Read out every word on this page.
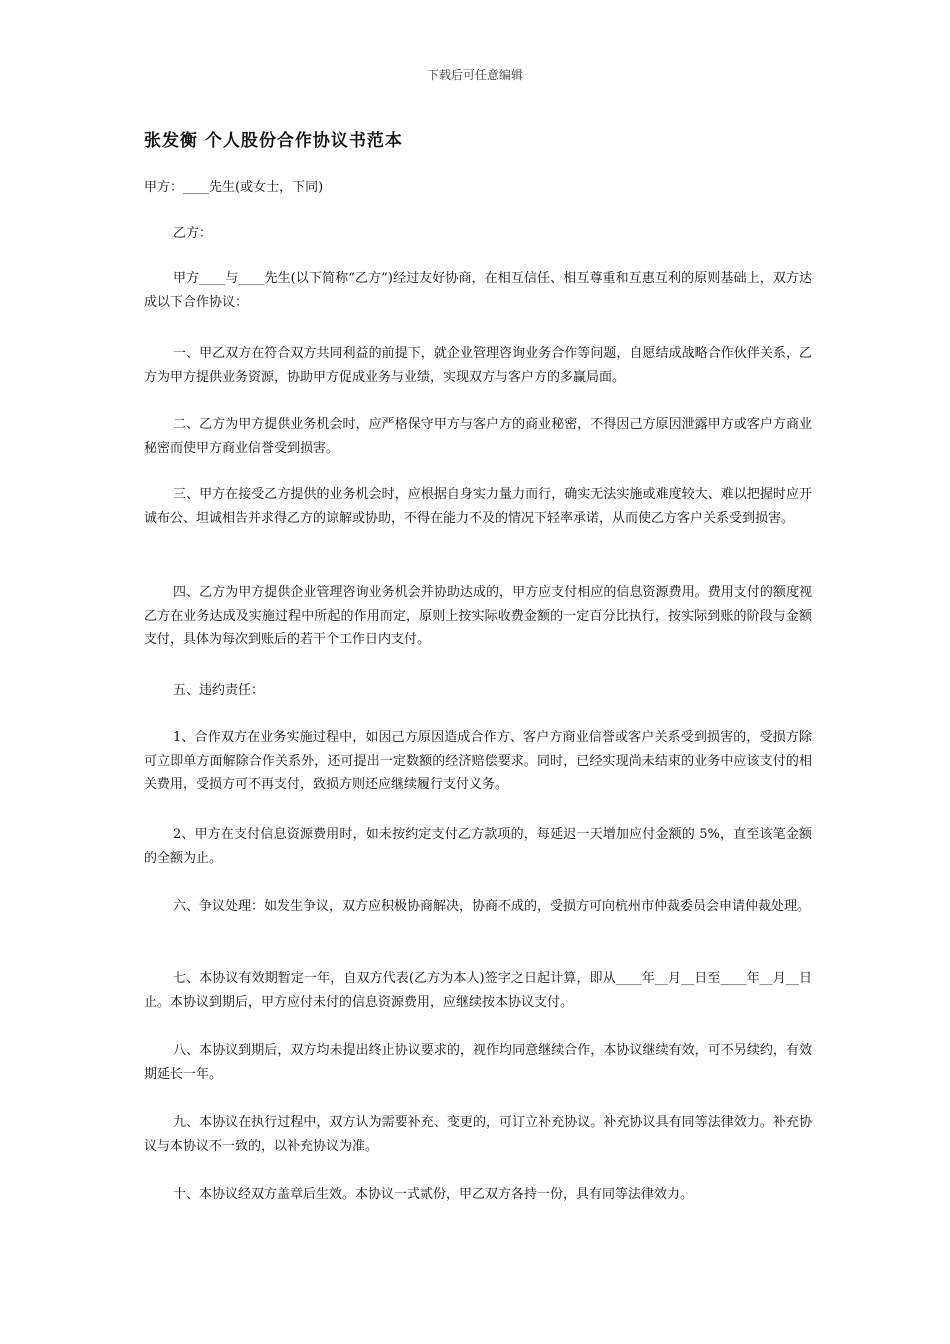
下载后可任意编辑
张发衡 个人股份合作协议书范本

甲方：____先生(或女士，下同)

乙方：

甲方____与____先生(以下简称“乙方”)经过友好协商，在相互信任、相互尊重和互惠互利的原则基础上，双方达成以下合作协议：

一、甲乙双方在符合双方共同利益的前提下，就企业管理咨询业务合作等问题，自愿结成战略合作伙伴关系，乙方为甲方提供业务资源，协助甲方促成业务与业绩，实现双方与客户方的多赢局面。

二、乙方为甲方提供业务机会时，应严格保守甲方与客户方的商业秘密，不得因己方原因泄露甲方或客户方商业秘密而使甲方商业信誉受到损害。

三、甲方在接受乙方提供的业务机会时，应根据自身实力量力而行，确实无法实施或难度较大、难以把握时应开诚布公、坦诚相告并求得乙方的谅解或协助，不得在能力不及的情况下轻率承诺，从而使乙方客户关系受到损害。

四、乙方为甲方提供企业管理咨询业务机会并协助达成的，甲方应支付相应的信息资源费用。费用支付的额度视乙方在业务达成及实施过程中所起的作用而定，原则上按实际收费金额的一定百分比执行，按实际到账的阶段与金额支付，具体为每次到账后的若干个工作日内支付。

五、违约责任：

1、合作双方在业务实施过程中，如因己方原因造成合作方、客户方商业信誉或客户关系受到损害的，受损方除可立即单方面解除合作关系外，还可提出一定数额的经济赔偿要求。同时，已经实现尚未结束的业务中应该支付的相关费用，受损方可不再支付，致损方则还应继续履行支付义务。

2、甲方在支付信息资源费用时，如未按约定支付乙方款项的，每延迟一天增加应付金额的 5%，直至该笔金额的全额为止。

六、争议处理：如发生争议，双方应积极协商解决，协商不成的，受损方可向杭州市仲裁委员会申请仲裁处理。

七、本协议有效期暂定一年，自双方代表(乙方为本人)签字之日起计算，即从____年__月__日至____年__月__日止。本协议到期后，甲方应付未付的信息资源费用，应继续按本协议支付。

八、本协议到期后，双方均未提出终止协议要求的，视作均同意继续合作，本协议继续有效，可不另续约，有效期延长一年。

九、本协议在执行过程中，双方认为需要补充、变更的，可订立补充协议。补充协议具有同等法律效力。补充协议与本协议不一致的，以补充协议为准。

十、本协议经双方盖章后生效。本协议一式贰份，甲乙双方各持一份，具有同等法律效力。
